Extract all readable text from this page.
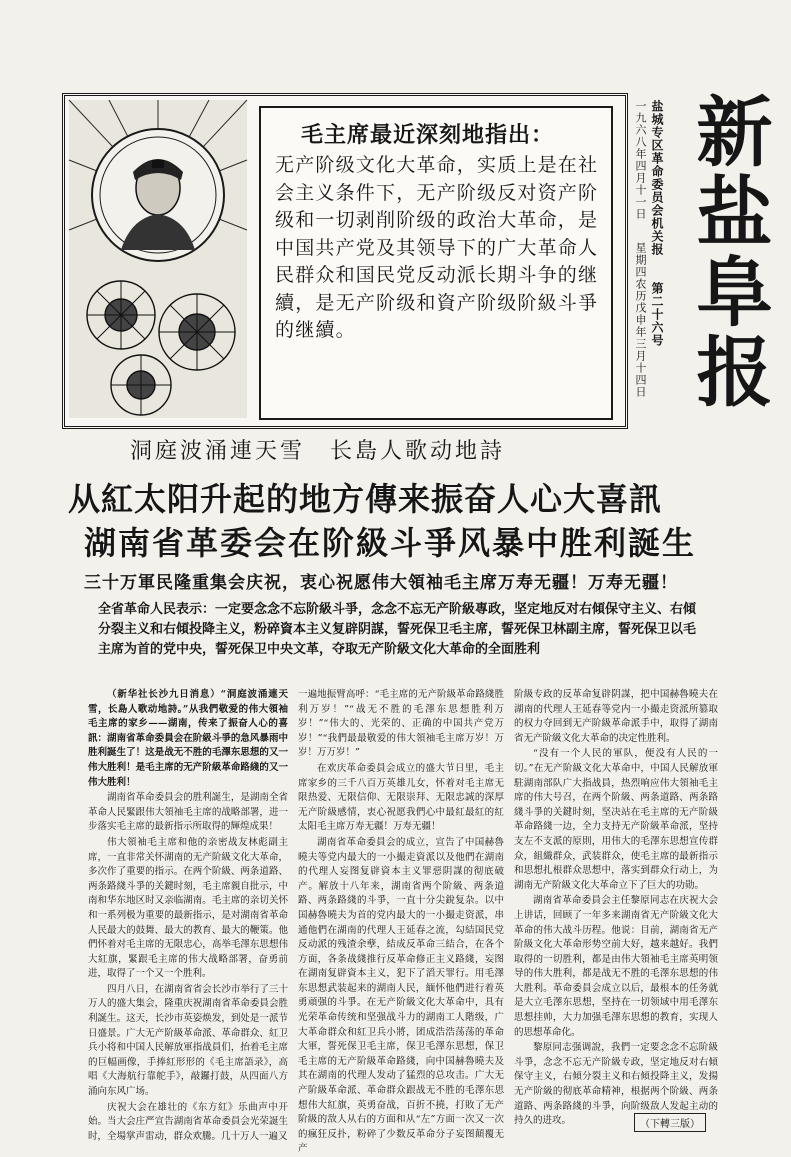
毛主席最近深刻地指出：
无产阶级文化大革命，实质上是在社会主义条件下，无产阶级反对资产阶级和一切剥削阶级的政治大革命，是中国共产党及其领导下的广大革命人民群众和国民党反动派长期斗争的继續，是无产阶级和資产阶级阶級斗爭的继續。
一九六八年四月十一日
星期四
盐城专区革命委员会机关报
第二十六号
农历戊申年三月十四日 新盐阜报
洞庭波涌連天雪　长島人歌动地詩
从紅太阳升起的地方傳来振奋人心大喜訊
湖南省革委会在阶級斗爭风暴中胜利誕生
三十万軍民隆重集会庆祝，衷心祝愿伟大領袖毛主席万寿无疆！万寿无疆！
全省革命人民表示：一定要念念不忘阶級斗爭，念念不忘无产阶級專政，坚定地反对右傾保守主义、右傾分裂主义和右傾投降主义，粉碎資本主义复辟阴謀，誓死保卫毛主席，誓死保卫林副主席，誓死保卫以毛主席为首的党中央，誓死保卫中央文革，夺取无产阶級文化大革命的全面胜利

（新华社长沙九日消息）“洞庭波涌連天雪，长島人歌动地詩。”从我們敬爱的伟大領袖毛主席的家乡——湖南，传来了振奋人心的喜訊：湖南省革命委員会在阶級斗爭的急风暴雨中胜利誕生了！这是战无不胜的毛澤东思想的又一伟大胜利！是毛主席的无产阶級革命路綫的又一伟大胜利！

湖南省革命委員会的胜利誕生，是湖南全省革命人民緊跟伟大領袖毛主席的战略部署，进一步落实毛主席的最新指示所取得的輝煌成果！

伟大領袖毛主席和他的亲密战友林彪副主席，一直非常关怀湖南的无产阶級文化大革命，多次作了重要的指示。在两个阶級、两条道路、两条路綫斗爭的关鍵时刻，毛主席親自批示，中南和华东地区时又亲临湖南。毛主席的亲切关怀和一系列极为重要的最新指示，是对湖南省革命人民最大的鼓舞、最大的教育、最大的鞭策。他們怀着对毛主席的无限忠心，高举毛澤东思想伟大紅旗，緊跟毛主席的伟大战略部署，奋勇前进，取得了一个又一个胜利。

四月八日，在湖南省省会长沙市举行了三十万人的盛大集会，隆重庆祝湖南省革命委員会胜利誕生。这天，长沙市英姿焕发，到处是一派节日盛景。广大无产阶級革命派、革命群众、紅卫兵小将和中国人民解放軍指战員们，抬着毛主席的巨幅画像，手捧紅形形的《毛主席語录》，高唱《大海航行靠舵手》，敲鑼打鼓，从四面八方涌向东风广场。

庆祝大会在雄壮的《东方紅》乐曲声中开始。当大会庄严宣告湖南省革命委員会光荣誕生时，全場掌声雷动，群众欢騰。几十万人一遍又

一遍地振臂高呼：“毛主席的无产阶級革命路綫胜利万岁！”“战无不胜的毛澤东思想胜利万岁！”“伟大的、光荣的、正确的中国共产党万岁！”“我們最最敬爱的伟大領袖毛主席万岁！万岁！万万岁！”

在欢庆革命委員会成立的盛大节日里，毛主席家乡的三千八百万英雄儿女，怀着对毛主席无限热爱、无限信仰、无限崇拜、无限忠誠的深厚无产阶級感情，衷心祝愿我們心中最紅最紅的紅太阳毛主席万寿无疆！万寿无疆！

湖南省革命委員会的成立，宣告了中国赫魯曉夫等党内最大的一小撮走資派以及他們在湖南的代理人妄图复辟資本主义罪惡阴謀的彻底破产。解放十八年来，湖南省两个阶級、两条道路、两条路綫的斗爭，一直十分尖銳复杂。以中国赫魯曉夫为首的党内最大的一小撮走资派，串通他們在湖南的代理人王延春之流，勾結国民党反动派的残渣余孽，結成反革命三結合，在各个方面，各条战綫推行反革命修正主义路綫，妄图在湖南复辟資本主义，犯下了滔天罪行。用毛澤东思想武装起来的湖南人民，緬怀他們进行着英勇頑强的斗爭。在无产阶級文化大革命中，具有光荣革命传统和坚强战斗力的湖南工人階级，广大革命群众和紅卫兵小將，团成浩浩荡荡的革命大軍，誓死保卫毛主席，保卫毛澤东思想，保卫毛主席的无产阶級革命路綫，向中国赫魯曉夫及其在湖南的代理人发动了猛烈的总攻击。广大无产阶級革命派、革命群众跟战无不胜的毛澤东思想伟大紅旗，英勇奋战，百折不撓，打敗了无产阶級的敌人从右的方面和从“左”方面一次又一次的瘋狂反扑，粉碎了少数反革命分子妄图顛覆无产

阶級专政的反革命复辟阴謀，把中国赫魯曉夫在湖南的代理人王延春等党内一小撮走资派所篡取的权力夺回到无产阶級革命派手中，取得了湖南省无产阶級文化大革命的决定性胜利。

“没有一个人民的軍队，便没有人民的一切。”在无产阶級文化大革命中，中国人民解放軍駐湖南部队广大指战員，热烈响应伟大領袖毛主席的伟大号召，在两个阶級、两条道路、两条路綫斗爭的关鍵时刻，坚决站在毛主席的无产阶級革命路綫一边，全力支持无产阶級革命派，坚持支左不支派的原則，用伟大的毛澤东思想宣传群众，組織群众，武装群众，使毛主席的最新指示和思想扎根群众思想中，落实到群众行动上，为湖南无产阶級文化大革命立下了巨大的功勋。

湖南省革命委員会主任黎原同志在庆祝大会上讲话，回顾了一年多来湖南省无产阶級文化大革命的伟大战斗历程。他说：目前，湖南省无产阶級文化大革命形势空前大好，越来越好。我們取得的一切胜利，都是由伟大領袖毛主席英明领导的伟大胜利，都是战无不胜的毛澤东思想的伟大胜利。革命委員会成立以后，最根本的任务就是大立毛澤东思想，坚持在一切领域中用毛澤东思想挂帅，大力加强毛澤东思想的教育，实现人的思想革命化。

黎原同志强调說，我們一定要念念不忘阶級斗爭，念念不忘无产阶級专政，坚定地反对右傾保守主义，右傾分裂主义和右傾投降主义，发揚无产阶級的彻底革命精神，根据两个阶級、两条道路、两条路綫的斗爭，向阶级敌人发起主动的持久的进攻。	（下轉三版）
